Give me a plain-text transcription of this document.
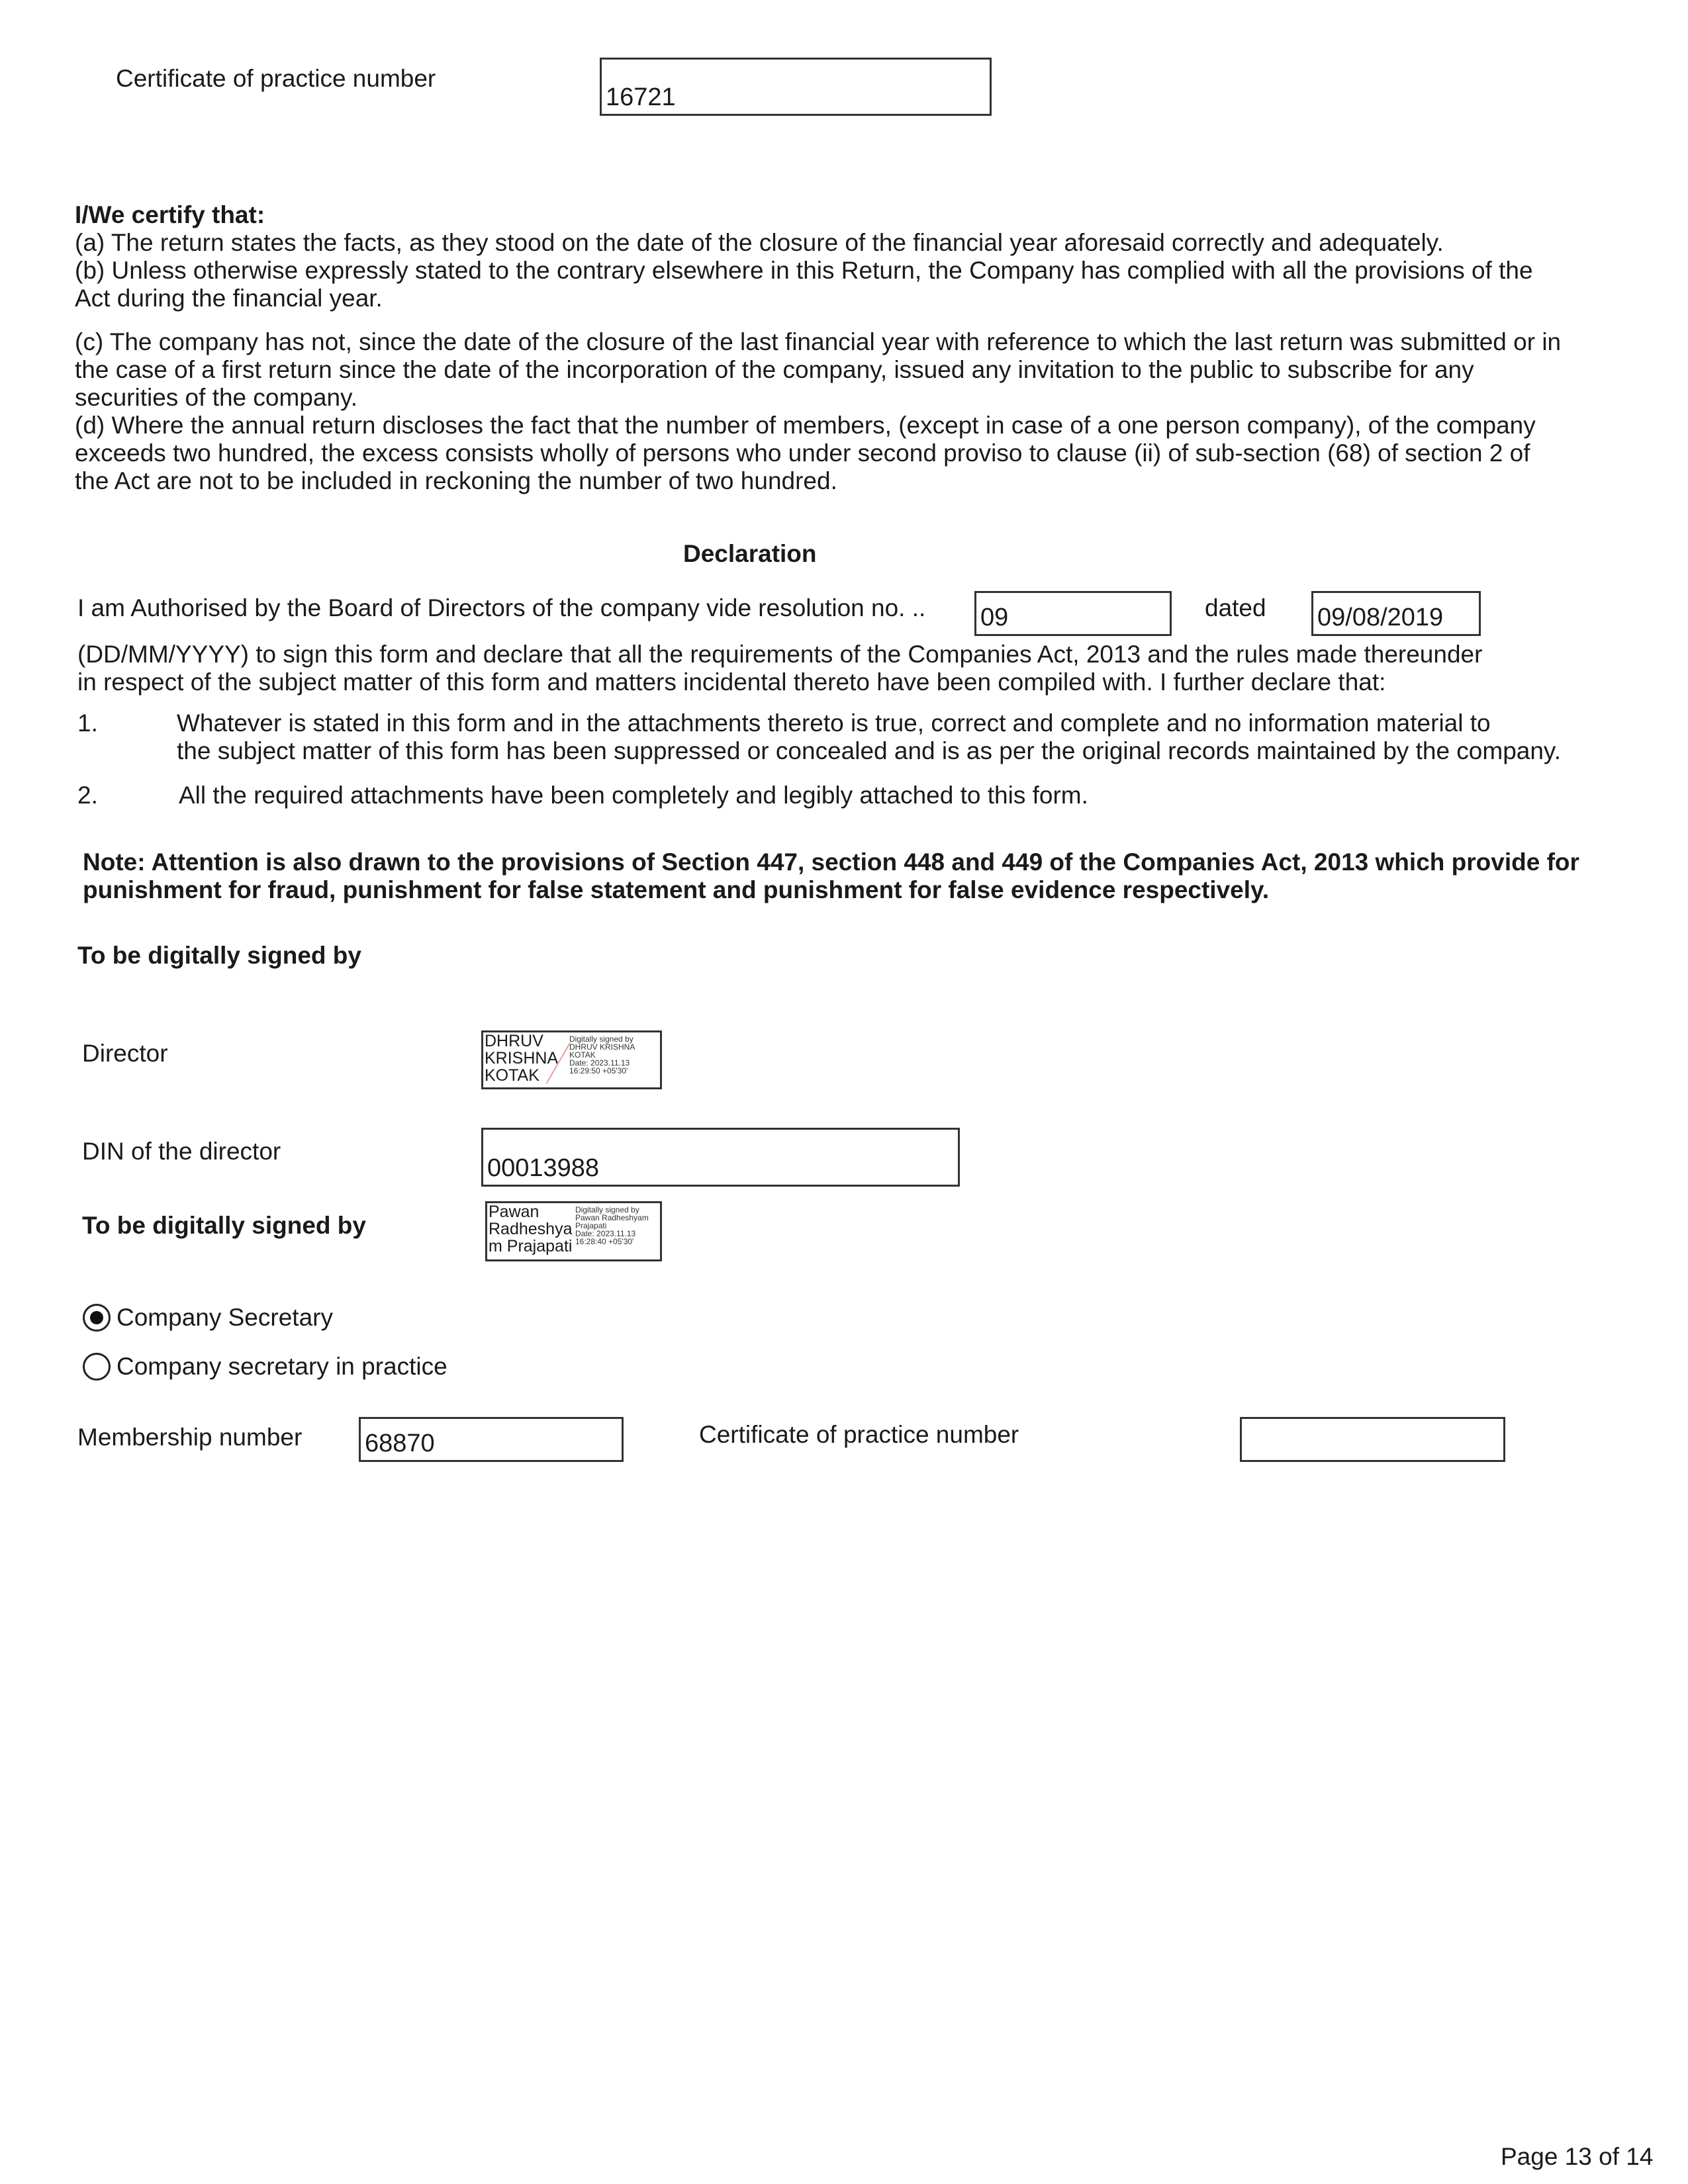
Certificate of practice number
16721
I/We certify that:
(a) The return states the facts, as they stood on the date of the closure of the financial year aforesaid correctly and adequately.
(b) Unless otherwise expressly stated to the contrary elsewhere in this Return, the Company has complied with all the provisions of the
Act during the financial year.
(c) The company has not, since the date of the closure of the last financial year with reference to which the last return was submitted or in
the case of a first return since the date of the incorporation of the company, issued any invitation to the public to subscribe for any
securities of the company.
(d) Where the annual return discloses the fact that the number of members, (except in case of a one person company), of the company
exceeds two hundred, the excess consists wholly of persons who under second proviso to clause (ii) of sub-section (68) of section 2 of
the Act are not to be included in reckoning the number of two hundred.
Declaration
I am Authorised by the Board of Directors of the company vide resolution no. .. 09	dated 09/08/2019
(DD/MM/YYYY) to sign this form and declare that all the requirements of the Companies Act, 2013 and the rules made thereunder
in respect of the subject matter of this form and matters incidental thereto have been compiled with. I further declare that:
1.	Whatever is stated in this form and in the attachments thereto is true, correct and complete and no information material to
the subject matter of this form has been suppressed or concealed and is as per the original records maintained by the company.
2.	All the required attachments have been completely and legibly attached to this form.
Note: Attention is also drawn to the provisions of Section 447, section 448 and 449 of the Companies Act, 2013 which provide for
punishment for fraud, punishment for false statement and punishment for false evidence respectively.
To be digitally signed by
Director	DHRUV
KRISHNA
KOTAK
Digitally signed by
DHRUV KRISHNA
KOTAK
Date: 2023.11.13
16:29:50 +05'30'
DIN of the director
00013988
To be digitally signed by	Pawan
Radheshya
m Prajapati
Digitally signed by
Pawan Radheshyam
Prajapati
Date: 2023.11.13
16:28:40 +05'30'
Company Secretary
Company secretary in practice
Membership number 68870	Certificate of practice number
Page 13 of 14
